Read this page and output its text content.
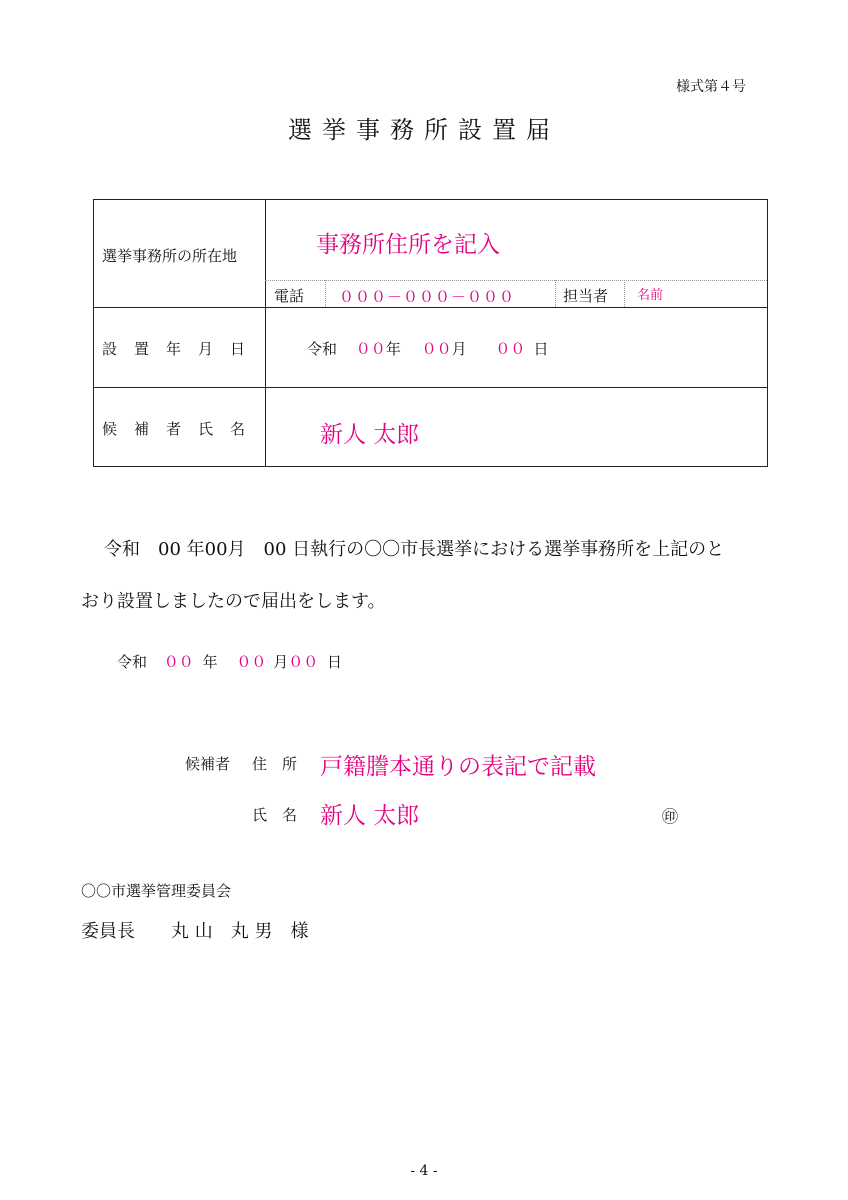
様式第４号
選挙事務所設置届
選挙事務所の所在地	事務所住所を記入
電話 ０００－０００－０００	担当者 名前
設置年月日	令和 ００年 ００月 ００ 日
候補者氏名	新人 太郎
令和　00 年00月　00 日執行の〇〇市長選挙における選挙事務所を上記のと
おり設置しましたので届出をします。
令和 ００ 年 ００ 月００ 日
候補者 住　所 戸籍謄本通りの表記で記載
氏　名 新人 太郎	㊞
〇〇市選挙管理委員会
委員長　　丸 山　丸 男　様
- 4 -
